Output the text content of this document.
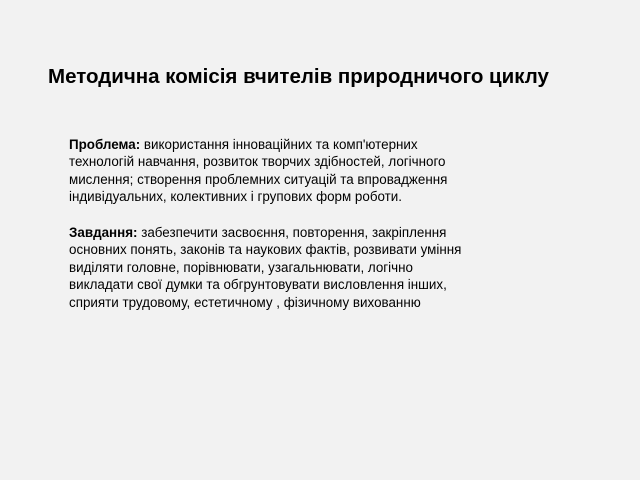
Методична комісія вчителів природничого циклу
Проблема: використання інноваційних та комп'ютерних
технологій навчання, розвиток творчих здібностей, логічного
мислення; створення проблемних ситуацій та впровадження
індивідуальних, колективних і групових форм роботи.
Завдання: забезпечити засвоєння, повторення, закріплення
основних понять, законів та наукових фактів, розвивати уміння
виділяти головне, порівнювати, узагальнювати, логічно
викладати свої думки та обгрунтовувати висловлення інших,
сприяти трудовому, естетичному , фізичному вихованню
